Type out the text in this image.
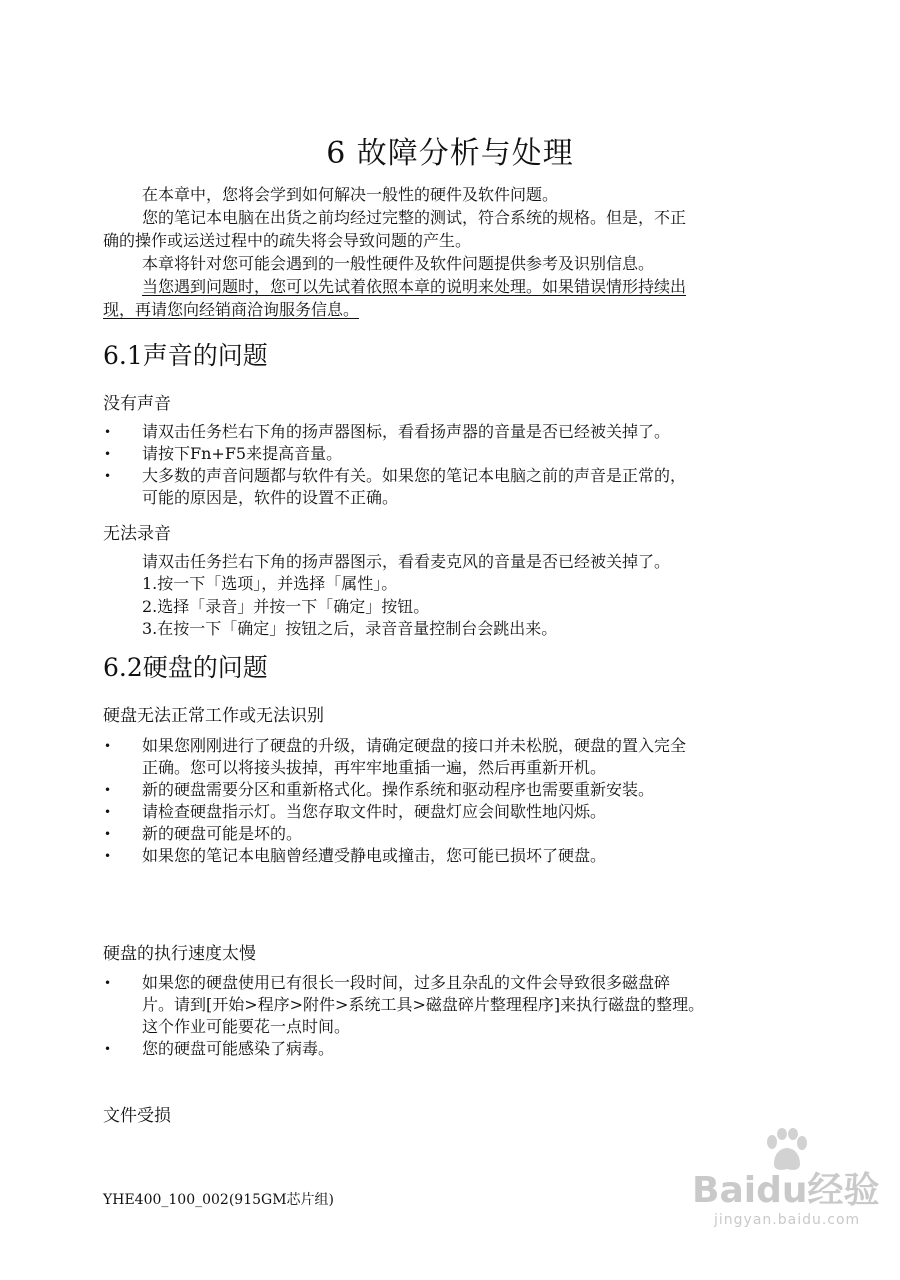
6 故障分析与处理
在本章中，您将会学到如何解决一般性的硬件及软件问题。
您的笔记本电脑在出货之前均经过完整的测试，符合系统的规格。但是，不正
确的操作或运送过程中的疏失将会导致问题的产生。
本章将针对您可能会遇到的一般性硬件及软件问题提供参考及识别信息。
当您遇到问题时，您可以先试着依照本章的说明来处理。如果错误情形持续出
现，再请您向经销商洽询服务信息。
6.1声音的问题
没有声音
• 请双击任务栏右下角的扬声器图标，看看扬声器的音量是否已经被关掉了。
• 请按下Fn+F5来提高音量。
• 大多数的声音问题都与软件有关。如果您的笔记本电脑之前的声音是正常的，
可能的原因是，软件的设置不正确。
无法录音
请双击任务拦右下角的扬声器图示，看看麦克风的音量是否已经被关掉了。
1.按一下「选项」，并选择「属性」。
2.选择「录音」并按一下「确定」按钮。
3.在按一下「确定」按钮之后，录音音量控制台会跳出来。
6.2硬盘的问题
硬盘无法正常工作或无法识别
• 如果您刚刚进行了硬盘的升级，请确定硬盘的接口并未松脱，硬盘的置入完全
正确。您可以将接头拔掉，再牢牢地重插一遍，然后再重新开机。
• 新的硬盘需要分区和重新格式化。操作系统和驱动程序也需要重新安装。
• 请检查硬盘指示灯。当您存取文件时，硬盘灯应会间歇性地闪烁。
• 新的硬盘可能是坏的。
• 如果您的笔记本电脑曾经遭受静电或撞击，您可能已损坏了硬盘。
硬盘的执行速度太慢
• 如果您的硬盘使用已有很长一段时间，过多且杂乱的文件会导致很多磁盘碎
片。请到[开始>程序>附件>系统工具>磁盘碎片整理程序]来执行磁盘的整理。
这个作业可能要花一点时间。
• 您的硬盘可能感染了病毒。
文件受损
YHE400_100_002(915GM芯片组)	Baidu经验
jingyan.baidu.com
